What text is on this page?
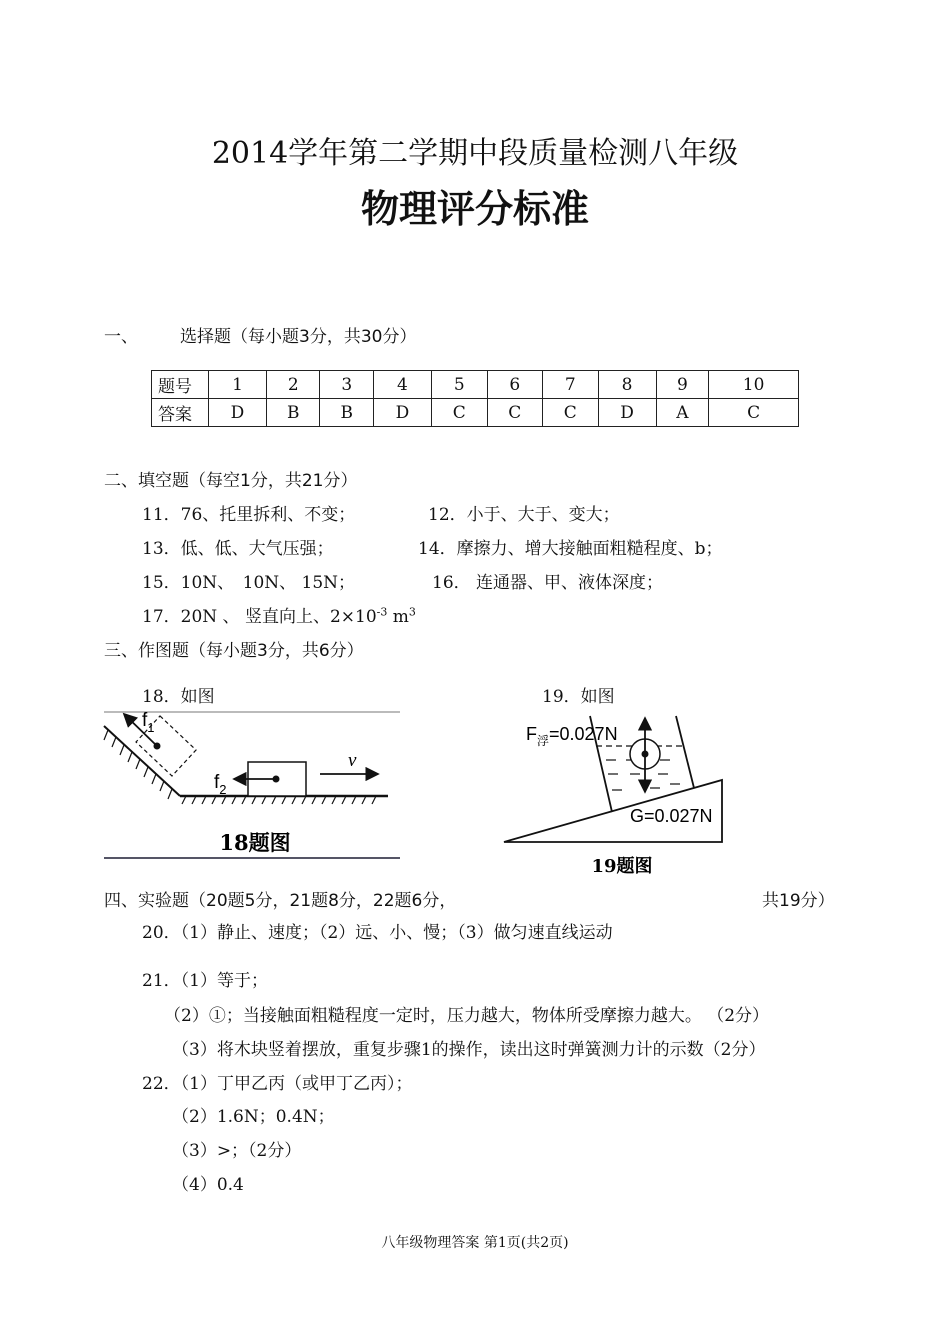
2014学年第二学期中段质量检测八年级
物理评分标准
一、 选择题（每小题3分，共30分）
题号	1	2	3	4	5	6	7	8	9	10
答案	D	B	B	D	C	C	C	D	A	C
二、填空题（每空1分，共21分）
11．76、托里拆利、不变；	12．小于、大于、变大；
13．低、低、大气压强；	14．摩擦力、增大接触面粗糙程度、b；
15．10N、　10N、 15N；	16． 连通器、甲、液体深度；
17．20N 、 竖直向上、$2\times 10^{-3}$ $m^3$
三、作图题（每小题3分，共6分）
18．如图	19．如图
$f_1$
$f_2$
v
18题图
$F_浮=0.027N$
G=0.027N
19题图
四、实验题（20题5分，21题8分，22题6分，	共19分）
20．（1）静止、速度；（2）远、小、慢；（3）做匀速直线运动
21．（1）等于；
（2）①；当接触面粗糙程度一定时，压力越大，物体所受摩擦力越大。 （2分）
（3）将木块竖着摆放，重复步骤1的操作，读出这时弹簧测力计的示数（2分）
22．（1）丁甲乙丙（或甲丁乙丙）；
（2）1.6N；0.4N；
（3）>；（2分）
（4）0.4
八年级物理答案 第1页(共2页)
